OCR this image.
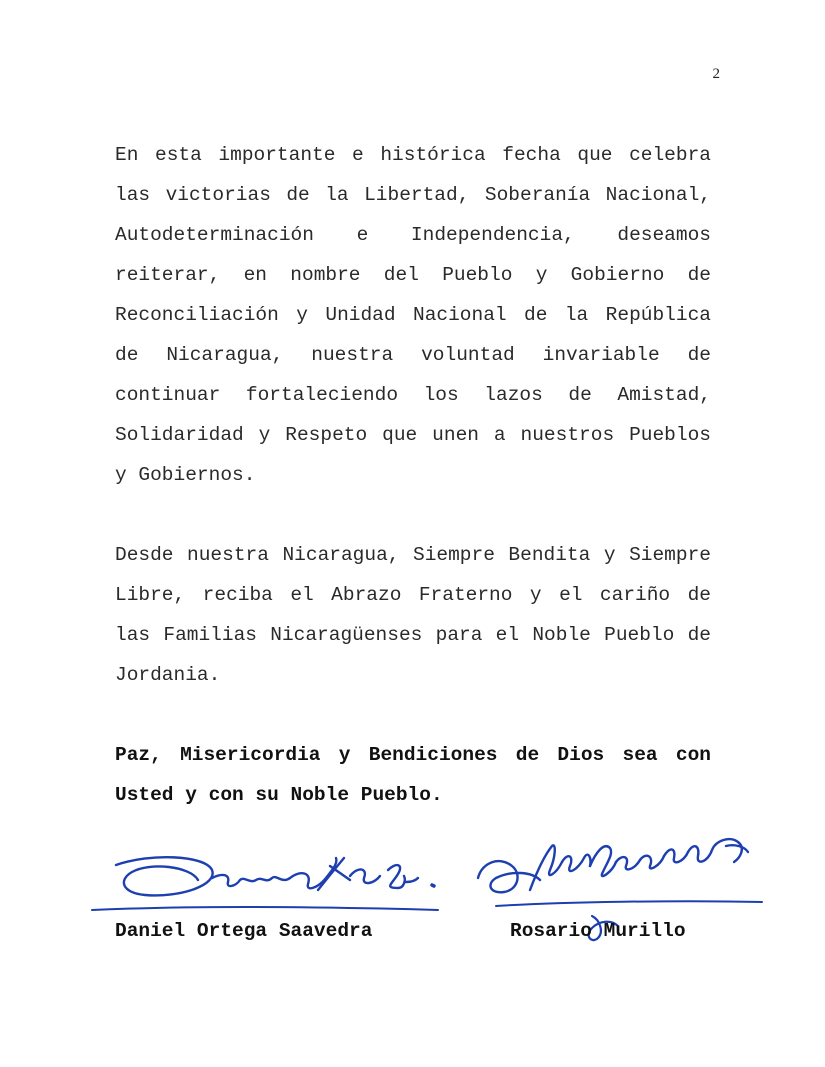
2

En esta importante e histórica fecha que celebra las victorias de la Libertad, Soberanía Nacional, Autodeterminación e Independencia, deseamos reiterar, en nombre del Pueblo y Gobierno de Reconciliación y Unidad Nacional de la República de Nicaragua, nuestra voluntad invariable de continuar fortaleciendo los lazos de Amistad, Solidaridad y Respeto que unen a nuestros Pueblos y Gobiernos.

Desde nuestra Nicaragua, Siempre Bendita y Siempre Libre, reciba el Abrazo Fraterno y el cariño de las Familias Nicaragüenses para el Noble Pueblo de Jordania.

Paz, Misericordia y Bendiciones de Dios sea con Usted y con su Noble Pueblo.

Daniel Ortega Saavedra	Rosario Murillo
